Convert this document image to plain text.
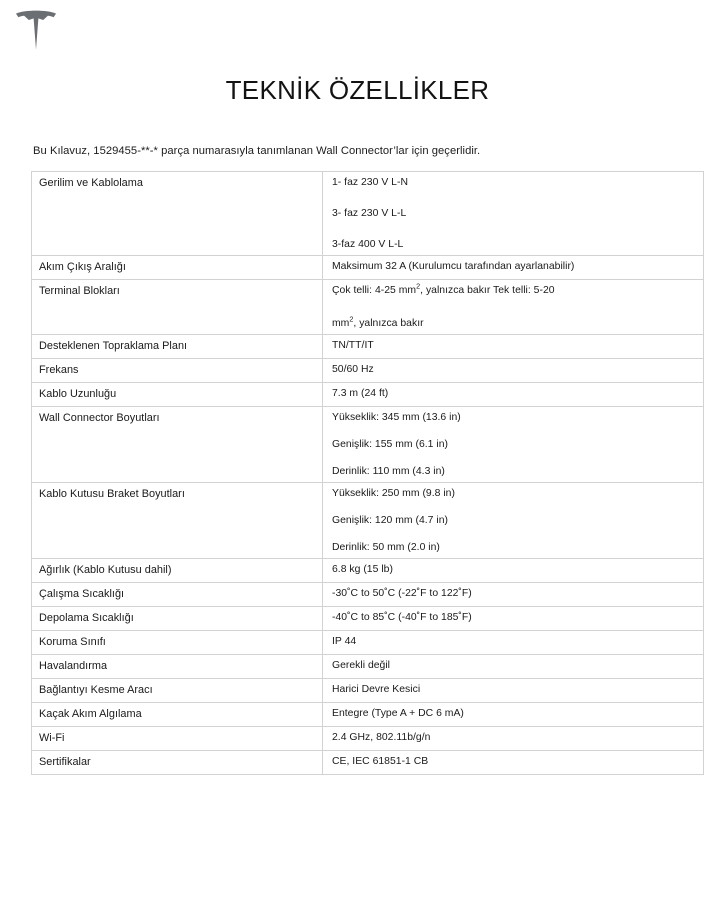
TEKNİK ÖZELLİKLER
Bu Kılavuz, 1529455-**-* parça numarasıyla tanımlanan Wall Connector’lar için geçerlidir.
Gerilim ve Kablolama	1- faz 230 V L-N
3- faz 230 V L-L
3-faz 400 V L-L

Akım Çıkış Aralığı	Maksimum 32 A (Kurulumcu tarafından ayarlanabilir)

Terminal Blokları	Çok telli: 4-25 $mm^2$, yalnızca bakır Tek telli: 5-20
$mm^2$, yalnızca bakır

Desteklenen Topraklama Planı	TN/TT/IT

Frekans	50/60 Hz

Kablo Uzunluğu	7.3 m (24 ft)

Wall Connector Boyutları	Yükseklik: 345 mm (13.6 in)
Genişlik: 155 mm (6.1 in)
Derinlik: 110 mm (4.3 in)

Kablo Kutusu Braket Boyutları	Yükseklik: 250 mm (9.8 in)
Genişlik: 120 mm (4.7 in)
Derinlik: 50 mm (2.0 in)

Ağırlık (Kablo Kutusu dahil)	6.8 kg (15 lb)

Çalışma Sıcaklığı	-30˚C to 50˚C (-22˚F to 122˚F)

Depolama Sıcaklığı	-40˚C to 85˚C (-40˚F to 185˚F)

Koruma Sınıfı	IP 44

Havalandırma	Gerekli değil

Bağlantıyı Kesme Aracı	Harici Devre Kesici

Kaçak Akım Algılama	Entegre (Type A + DC 6 mA)

Wi-Fi	2.4 GHz, 802.11b/g/n

Sertifikalar	CE, IEC 61851-1 CB
